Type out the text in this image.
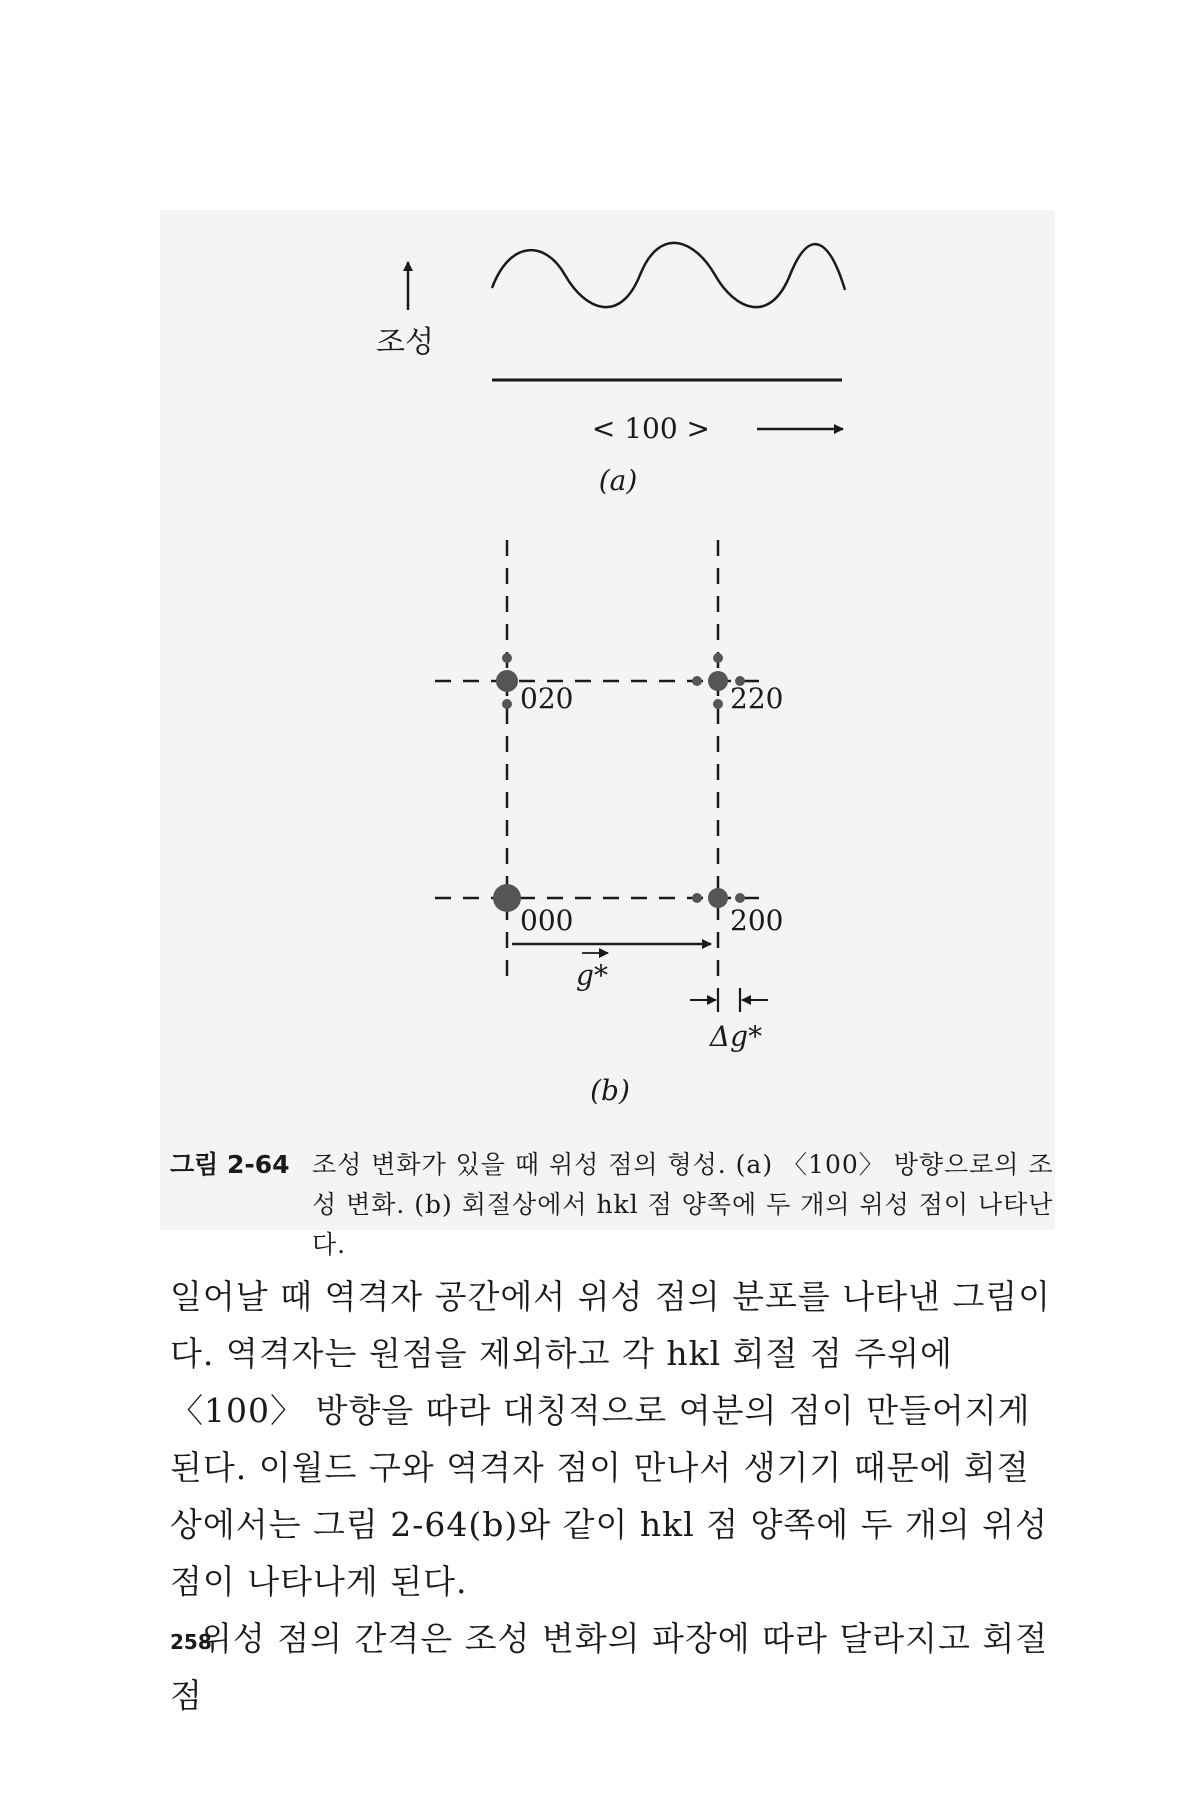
조성
< 100 >
(a)
020	220
000	200
g*
Δg*
(b)
그림 2-64 조성 변화가 있을 때 위성 점의 형성. (a) 〈100〉 방향으로의 조성 변화. (b) 회절상에서 hkl 점 양쪽에 두 개의 위성 점이 나타난다.

일어날 때 역격자 공간에서 위성 점의 분포를 나타낸 그림이다. 역격자는 원점을 제외하고 각 hkl 회절 점 주위에 〈100〉 방향을 따라 대칭적으로 여분의 점이 만들어지게 된다. 이월드 구와 역격자 점이 만나서 생기기 때문에 회절상에서는 그림 2-64(b)와 같이 hkl 점 양쪽에 두 개의 위성 점이 나타나게 된다.

위성 점의 간격은 조성 변화의 파장에 따라 달라지고 회절 점

258
